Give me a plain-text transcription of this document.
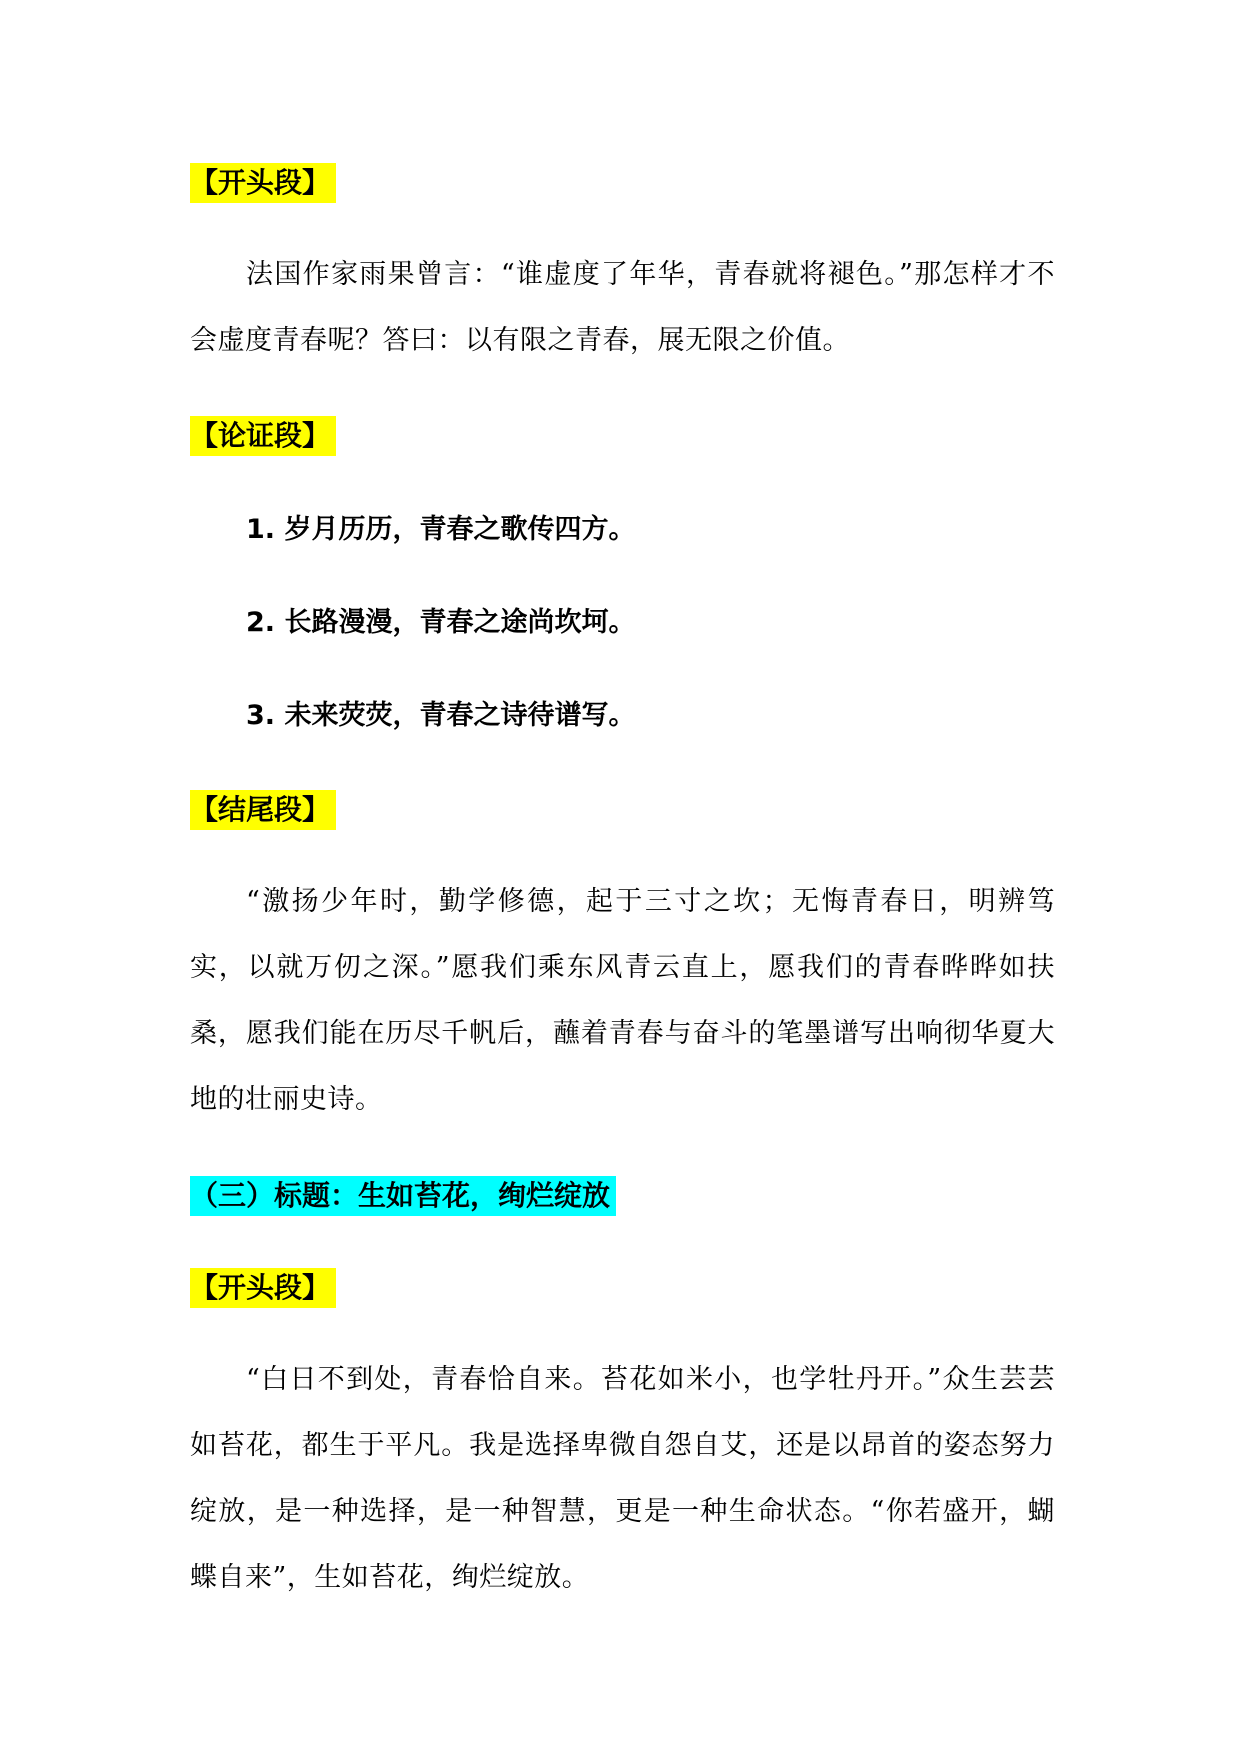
【开头段】

法国作家雨果曾言：“谁虚度了年华，青春就将褪色。”那怎样才不会虚度青春呢？答曰：以有限之青春，展无限之价值。

【论证段】
1. 岁月历历，青春之歌传四方。
2. 长路漫漫，青春之途尚坎坷。
3. 未来荧荧，青春之诗待谱写。
【结尾段】

“激扬少年时，勤学修德，起于三寸之坎；无悔青春日，明辨笃实，以就万仞之深。”愿我们乘东风青云直上，愿我们的青春晔晔如扶桑，愿我们能在历尽千帆后，蘸着青春与奋斗的笔墨谱写出响彻华夏大地的壮丽史诗。

（三）标题：生如苔花，绚烂绽放
【开头段】

“白日不到处，青春恰自来。苔花如米小，也学牡丹开。”众生芸芸如苔花，都生于平凡。我是选择卑微自怨自艾，还是以昂首的姿态努力绽放，是一种选择，是一种智慧，更是一种生命状态。“你若盛开，蝴蝶自来”，生如苔花，绚烂绽放。
